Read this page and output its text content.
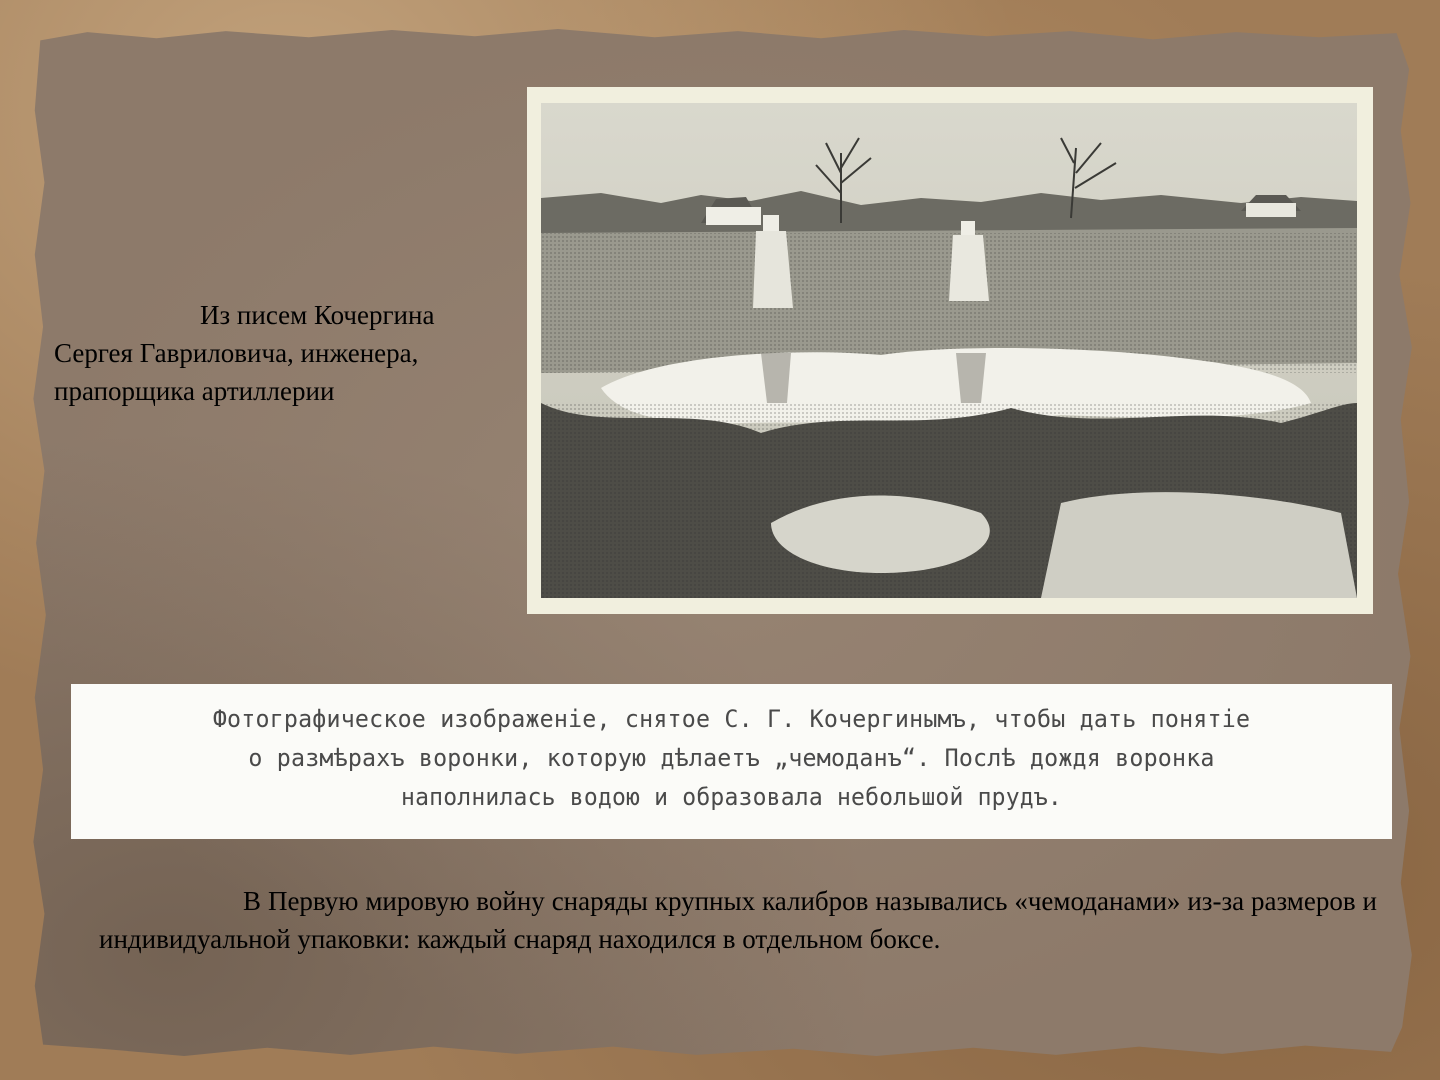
Из писем Кочергина
Сергея Гавриловича, инженера,
прапорщика артиллерии

Фотографическое изображенiе, снятое С. Г. Кочергинымъ, чтобы дать понятiе
о размѣрахъ воронки, которую дѣлаетъ „чемоданъ“. Послѣ дождя воронка
наполнилась водою и образовала небольшой прудъ.

В Первую мировую войну снаряды крупных калибров назывались «чемоданами» из-за размеров и индивидуальной упаковки: каждый снаряд находился в отдельном боксе.
